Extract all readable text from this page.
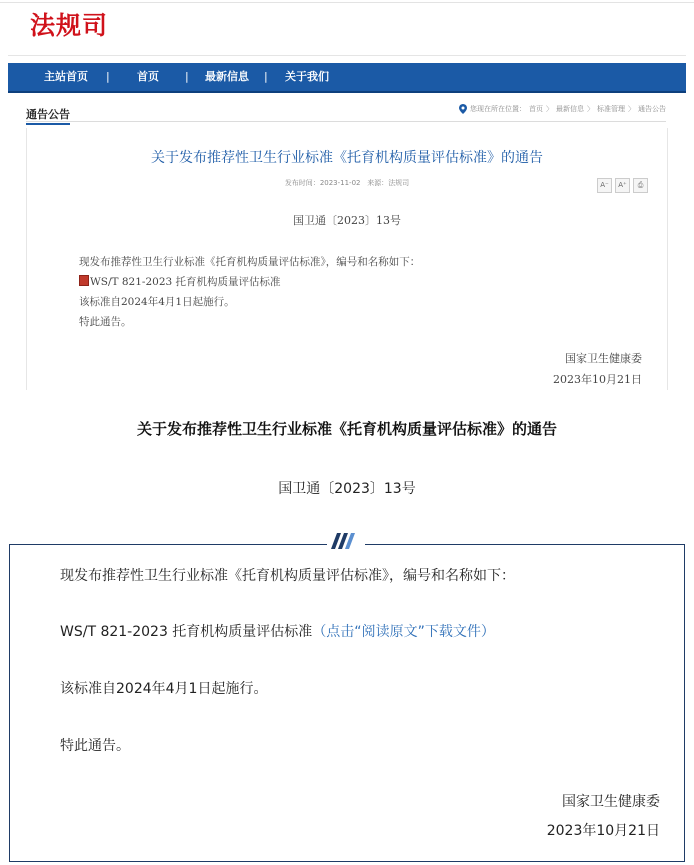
法规司
主站首页 | 首页 | 最新信息 | 关于我们
通告公告	您现在所在位置： 首页 〉 最新信息 〉 标准管理 〉 通告公告
关于发布推荐性卫生行业标准《托育机构质量评估标准》的通告
发布时间：2023-11-02 来源：法规司	A⁻	A⁺	⎙
国卫通〔2023〕13号
现发布推荐性卫生行业标准《托育机构质量评估标准》，编号和名称如下：
WS/T 821-2023 托育机构质量评估标准
该标准自2024年4月1日起施行。
特此通告。
国家卫生健康委
2023年10月21日
关于发布推荐性卫生行业标准《托育机构质量评估标准》的通告
国卫通〔2023〕13号
现发布推荐性卫生行业标准《托育机构质量评估标准》，编号和名称如下：
WS/T 821-2023 托育机构质量评估标准（点击“阅读原文”下载文件）
该标准自2024年4月1日起施行。
特此通告。
国家卫生健康委
2023年10月21日
